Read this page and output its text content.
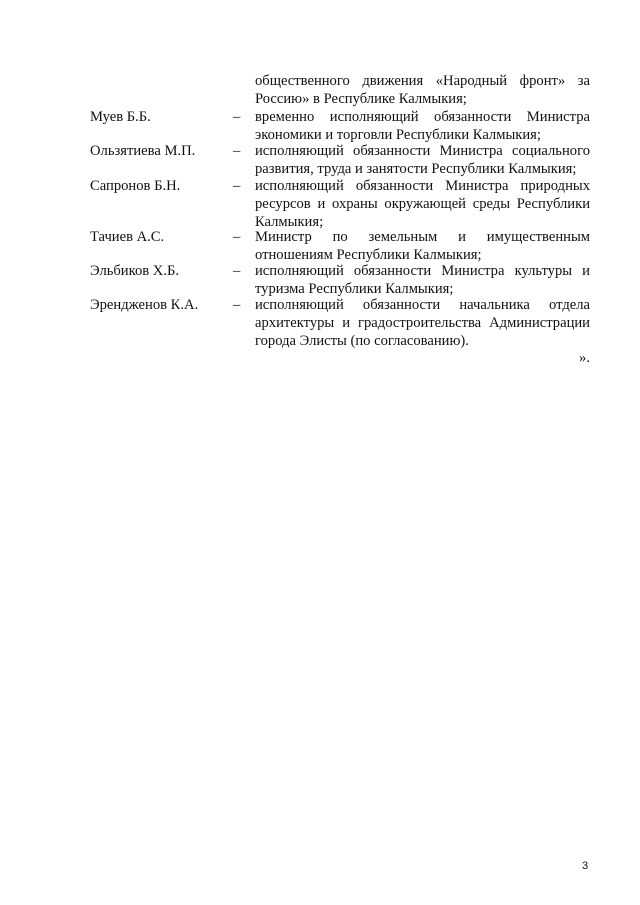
общественного движения «Народный фронт» за
Россию» в Республике Калмыкия;
Муев Б.Б.	– временно исполняющий обязанности Министра экономики и торговли Республики Калмыкия;
Ользятиева М.П.	– исполняющий обязанности Министра социального развития, труда и занятости Республики Калмыкия;
Сапронов Б.Н.	– исполняющий обязанности Министра природных ресурсов и охраны окружающей среды Республики Калмыкия;
Тачиев А.С.	– Министр по земельным и имущественным отношениям Республики Калмыкия;
Эльбиков Х.Б.	– исполняющий обязанности Министра культуры и туризма Республики Калмыкия;
Эрендженов К.А. – исполняющий обязанности начальника отдела архитектуры и градостроительства Администрации города Элисты (по согласованию).
».
3
